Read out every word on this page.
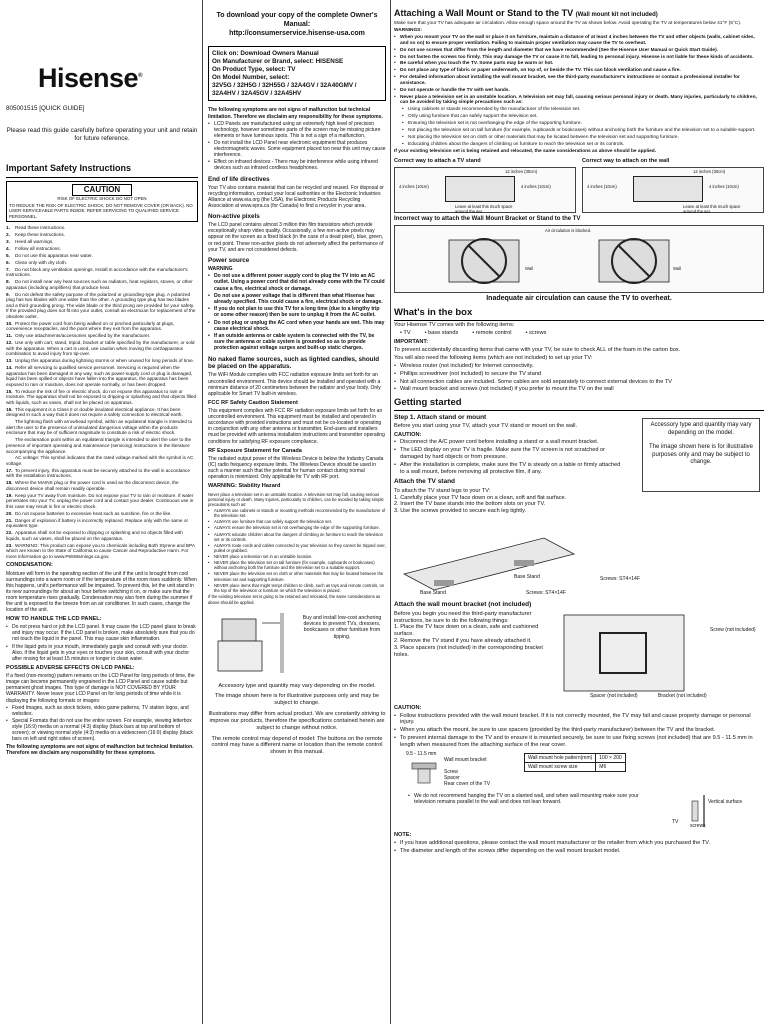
Hisense®
805001515 [QUICK GUIDE]
Please read this guide carefully before operating your unit and retain for future reference.
Important Safety Instructions
CAUTION
RISK OF ELECTRIC SHOCK DO NOT OPEN
TO REDUCE THE RISK OF ELECTRIC SHOCK, DO NOT REMOVE COVER (OR BACK). NO USER-SERVICEABLE PARTS INSIDE. REFER SERVICING TO QUALIFIED SERVICE PERSONNEL.
1. Read these instructions.
2. Keep these instructions.
3. Heed all warnings.
4. Follow all instructions.
5. Do not use this apparatus near water.
6. Clean only with dry cloth.
7. Do not block any ventilation openings. Install in accordance with the manufacturer's instructions.
8. Do not install near any heat sources such as radiators, heat registers, stoves, or other apparatus (including amplifiers) that produce heat.
9. Do not defeat the safety purpose of the polarized or grounding-type plug. A polarized plug has two blades with one wider than the other. A grounding type plug has two blades and a third grounding prong. The wide blade or the third prong are provided for your safety. If the provided plug does not fit into your outlet, consult an electrician for replacement of the obsolete outlet.
10. Protect the power cord from being walked on or pinched particularly at plugs, convenience receptacles, and the point where they exit from the apparatus.
11. Only use attachments/accessories specified by the manufacturer.
12. Use only with cart, stand, tripod, bracket or table specified by the manufacturer, or sold with the apparatus. When a cart is used, use caution when moving the cart/apparatus combination to avoid injury from tip-over.
13. Unplug this apparatus during lightning storms or when unused for long periods of time.
14. Refer all servicing to qualified service personnel. Servicing is required when the apparatus has been damaged in any way, such as power-supply cord or plug is damaged, liquid has been spilled or objects have fallen into the apparatus, the apparatus has been exposed to rain or moisture, does not operate normally, or has been dropped.
15. To reduce the risk of fire or electric shock, do not expose this apparatus to rain or moisture. The apparatus shall not be exposed to dripping or splashing and that objects filled with liquids, such as vases, shall not be placed on apparatus.
16. This equipment is a Class II or double insulated electrical appliance. It has been designed in such a way that it does not require a safety connection to electrical earth.
The lightning flash with arrowhead symbol, within an equilateral triangle is intended to alert the user to the presence of uninsulated dangerous voltage within the products enclosure that may be of sufficient magnitude to constitute a risk of electric shock.
The exclamation point within an equilateral triangle is intended to alert the user to the presence of important operating and maintenance (servicing) instructions in the literature accompanying the appliance.
AC voltage: This symbol indicates that the rated voltage marked with the symbol is AC voltage.
17. To prevent injury, this apparatus must be securely attached to the wall in accordance with the installation instructions.
18. Where the MAINS plug or the power cord is used as the disconnect device, the disconnect device shall remain readily operable.
19. Keep your TV away from moisture. Do not expose your TV to rain or moisture. If water penetrates into your TV, unplug the power cord and contact your dealer. Continuous use in this case may result in fire or electric shock.
20. Do not expose batteries to excessive heat such as sunshine, fire or the like.
21. Danger of explosion if battery is incorrectly replaced. Replace only with the same or equivalent type.
22. Apparatus shall not be exposed to dripping or splashing and no objects filled with liquids, such as vases, shall be placed on the apparatus.
23. WARNING: This product can expose you to chemicals including Both Styrene and BPA which are known to the State of California to cause Cancer and Reproductive Harm. For more information go to www.P65Warnings.ca.gov.
CONDENSATION:

Moisture will form in the operating section of the unit if the unit is brought from cool surroundings into a warm room or if the temperature of the room rises suddenly. When this happens, unit's performance will be impaired. To prevent this, let the unit stand in its new surroundings for about an hour before switching it on, or make sure that the room temperature rises gradually. Condensation may also form during the summer if the unit is exposed to the breeze from an air conditioner. In such cases, change the location of the unit.

HOW TO HANDLE THE LCD PANEL:
• Do not press hard or jolt the LCD panel. It may cause the LCD panel glass to break and injury may occur. If the LCD panel is broken, make absolutely sure that you do not touch the liquid in the panel. This may cause skin inflammation.
• If the liquid gets in your mouth, immediately gargle and consult with your doctor. Also, if the liquid gets in your eyes or touches your skin, consult with your doctor after rinsing for at least 15 minutes or longer in clean water.
POSSIBLE ADVERSE EFFECTS ON LCD PANEL:

If a fixed (non-moving) pattern remains on the LCD Panel for long periods of time, the image can become permanently engrained in the LCD Panel and cause subtle but permanent ghost images. This type of damage is NOT COVERED BY YOUR WARRANTY. Never leave your LCD Panel on for long periods of time while it is displaying the following formats or images:

• Fixed Images, such as stock tickers, video game patterns, TV station logos, and websites.
• Special Formats that do not use the entire screen. For example, viewing letterbox style (16:9) media on a normal (4:3) display (black bars at top and bottom of screen); or viewing normal style (4:3) media on a widescreen (16:9) display (black bars on left and right sides of screen).

The following symptoms are not signs of malfunction but technical limitation. Therefore we disclaim any responsibility for these symptoms.

To download your copy of the complete Owner's Manual:
http://consumerservice.hisense-usa.com

Click on: Download Owners Manual

On Manufacturer or Brand, select: HISENSE

On Product Type, select: TV

On Model Number, select:

32V5G / 32H5G / 32H55G / 32A4GV / 32A40GMV / 32A4HV / 32A45GV / 32A45HV

The following symptoms are not signs of malfunction but technical limitation. Therefore we disclaim any responsibility for these symptoms.

• LCD Panels are manufactured using an extremely high level of precision technology, however sometimes parts of the screen may be missing picture elements or have luminous spots. This is not a sign of a malfunction.
• Do not install the LCD Panel near electronic equipment that produces electromagnetic waves. Some equipment placed too near this unit may cause interference.
• Effect on infrared devices - There may be interference while using infrared devices such as infrared cordless headphones.
End of life directives

Your TV also contains material that can be recycled and reused. For disposal or recycling information, contact your local authorities or the Electronic Industries Alliance at www.eia.org (the USA), the Electronic Products Recycling Association at www.epra.ca (for Canada) to find a recycler in your area.

Non-active pixels

The LCD panel contains almost 3 million thin film transistors which provide exceptionally sharp video quality. Occasionally, a few non-active pixels may appear on the screen as a fixed black (in the case of a dead pixel), blue, green, or red point. These non-active pixels do not adversely affect the performance of your TV, and are not considered defects.

Power source

WARNING

• Do not use a different power supply cord to plug the TV into an AC outlet. Using a power cord that did not already come with the TV could cause a fire, electrical shock or damage.
• Do not use a power voltage that is different than what Hisense has already specified. This could cause a fire, electrical shock or damage.
• If you do not plan to use this TV for a long time (due to a lengthy trip or some other reason) then be sure to unplug it from the AC outlet.
• Do not plug or unplug the AC cord when your hands are wet. This may cause electrical shock.
• If an outside antenna or cable system is connected with the TV, be sure the antenna or cable system is grounded so as to provide protection against voltage surges and built-up static charges.
No naked flame sources, such as lighted candles, should be placed on the apparatus.

The WiFi Module complies with FCC radiation exposure limits set forth for an uncontrolled environment. This device should be installed and operated with a minimum distance of 20 centimeters between the radiator and your body. Only applicable for Smart TV built-in wireless.

FCC RF Safety Caution Statement

This equipment complies with FCC RF radiation exposure limits set forth for an uncontrolled environment. This equipment must be installed and operated in accordance with provided instructions and must not be co-located or operating in conjunction with any other antenna or transmitter. End-users and installers must be provided with antenna installation instructions and transmitter operating conditions for satisfying RF exposure compliance.

RF Exposure Statement for Canada

The radiated output power of the Wireless Device is below the Industry Canada (IC) radio frequency exposure limits. The Wireless Device should be used in such a manner such that the potential for human contact during normal operation is minimized. Only applicable for TV with RF port.

WARNING: Stability Hazard

Never place a television set in an unstable location. A television set may fall, causing serious personal injury or death. Many injuries, particularly to children, can be avoided by taking simple precautions such as:

• ALWAYS use cabinets or stands or mounting methods recommended by the manufacturer of the television set.
• ALWAYS use furniture that can safely support the television set.
• ALWAYS ensure the television set is not overhanging the edge of the supporting furniture.
• ALWAYS educate children about the dangers of climbing on furniture to reach the television set or its controls.
• ALWAYS route cords and cables connected to your television so they cannot be tripped over, pulled or grabbed.
• NEVER place a television set in an unstable location.
• NEVER place the television set on tall furniture (for example, cupboards or bookcases) without anchoring both the furniture and the television set to a suitable support.
• NEVER place the television set on cloth or other materials that may be located between the television set and supporting furniture.
• NEVER place items that might tempt children to climb, such as toys and remote controls, on the top of the television or furniture on which the television is placed.

If the existing television set is going to be retained and relocated, the same considerations as above should be applied.

Buy and install low-cost anchoring devices to prevent TVs, dressers, bookcases or other furniture from tipping.

Accessory type and quantity may vary depending on the model.

The image shown here is for illustrative purposes only and may be subject to change.

Illustrations may differ from actual product. We are constantly striving to improve our products, therefore the specifications contained herein are subject to change without notice.

The remote control may depend of model: The buttons on the remote control may have a different name or location than the remote control shown in this manual.

Attaching a Wall Mount or Stand to the TV (Wall mount kit not included)

Make sure that your TV has adequate air circulation. Allow enough space around the TV as shown below. Avoid operating the TV at temperatures below 41°F (5°C).

WARNINGS:

• When you mount your TV on the wall or place it on furniture, maintain a distance of at least 4 inches between the TV and other objects (walls, cabinet sides, and so on) to ensure proper ventilation. Failing to maintain proper ventilation may cause the TV to overheat.
• Do not use screws that differ from the length and diameter that we have recommended (See the Hisense User Manual or Quick Start Guide).
• Do not fasten the screws too firmly. This may damage the TV or cause it to fall, leading to personal injury. Hisense is not liable for these kinds of accidents.
• Be careful when you touch the TV. Some parts may be warm or hot.
• Do not place any type of fabric or paper underneath, on top of, or beside the TV. This can block ventilation and cause a fire.
• For detailed information about installing the wall mount bracket, see the third-party manufacturer's instructions or contact a professional installer for assistance.
• Do not operate or handle the TV with wet hands.
• Never place a television set in an unstable location. A television set may fall, causing serious personal injury or death. Many injuries, particularly to children, can be avoided by taking simple precautions such as:
• Using cabinets or stands recommended by the manufacturer of the television set.
• Only using furniture that can safely support the television set.
• Ensuring the television set is not overhanging the edge of the supporting furniture.
• Not placing the television set on tall furniture (for example, cupboards or bookcases) without anchoring both the furniture and the television set to a suitable support.
• Not placing the television set on cloth or other materials that may be located between the television set and supporting furniture.
• Educating children about the dangers of climbing on furniture to reach the television set or its controls.

If your existing television set is being retained and relocated, the same considerations as above should be applied.

Correct way to attach a TV stand
12 inches (30cm)
4 inches (10cm)	4 inches (10cm)
Leave at least this much space around the set.
Correct way to attach on the wall
12 inches (30cm)
4 inches (10cm)	4 inches (10cm)
Leave at least this much space around the set.
Incorrect way to attach the Wall Mount Bracket or Stand to the TV
Air circulation is blocked.
Wall	Wall
Inadequate air circulation can cause the TV to overheat.
What's in the box

Your Hisense TV comes with the following items:

• TV	• base stands	• remote control	• screws

IMPORTANT:

To prevent accidentally discarding items that came with your TV, be sure to check ALL of the foam in the carton box.

You will also need the following items (which are not included) to set up your TV:

• Wireless router (not included) for Internet connectivity.
• Phillips screwdriver (not included) to secure the TV stand
• Not all connection cables are included. Some cables are sold separately to connect external devices to the TV
• Wall mount bracket and screws (not included) if you prefer to mount the TV on the wall
Getting started
Step 1. Attach stand or mount

Before you start using your TV, attach your TV stand or mount on the wall.

CAUTION:

• Disconnect the A/C power cord before installing a stand or a wall mount bracket.
• The LED display on your TV is fragile. Make sure the TV screen is not scratched or damaged by hard objects or from pressure.
• After the installation is complete, make sure the TV is steady on a table or firmly attached to a wall mount, before removing all protective film, if any.
Attach the TV stand

To attach the TV stand legs to your TV:

1. Carefully place your TV face down on a clean, soft and flat surface.
2. Insert the TV base stands into the bottom slots on your TV.
3. Use the screws provided to secure each leg tightly.
Base Stand
Base Stand	Screws: ST4×14F
Screws: ST4×14F
Accessory type and quantity may vary depending on the model.

The image shown here is for illustrative purposes only and may be subject to change.
Attach the wall mount bracket (not included)

Before you begin you need the third-party manufacturer instructions, be sure to do the following things:

1. Place the TV face down on a clean, safe and cushioned surface.
2. Remove the TV stand if you have already attached it.
3. Place spacers (not included) in the corresponding bracket holes.
Screw (not included)
Spacer (not included)	Bracket (not included)

CAUTION:

• Follow instructions provided with the wall mount bracket. If it is not correctly mounted, the TV may fall and cause property damage or personal injury.
• When you attach the mount, be sure to use spacers (provided by the third-party manufacturer) between the TV and the bracket.
• To prevent internal damage to the TV and to ensure it is mounted securely, be sure to use fixing screws (not included) that are 9.5 - 11.5 mm in length when measured from the attaching surface of the rear cover.
9.5 - 11.5 mm
Wall mount bracket
Screw
Spacer
Rear cover of the TV
Wall mount hole pattern(mm)	100 × 200
Wall mount screw size	M6
• We do not recommend hanging the TV on a slanted wall, and when wall mounting make sure your television remains parallel to the wall and does not lean forward.	Vertical surface
TV
screws

NOTE:

• If you have additional questions, please contact the wall mount manufacturer or the retailer from which you purchased the TV.
• The diameter and length of the screws differ depending on the wall mount bracket model.
